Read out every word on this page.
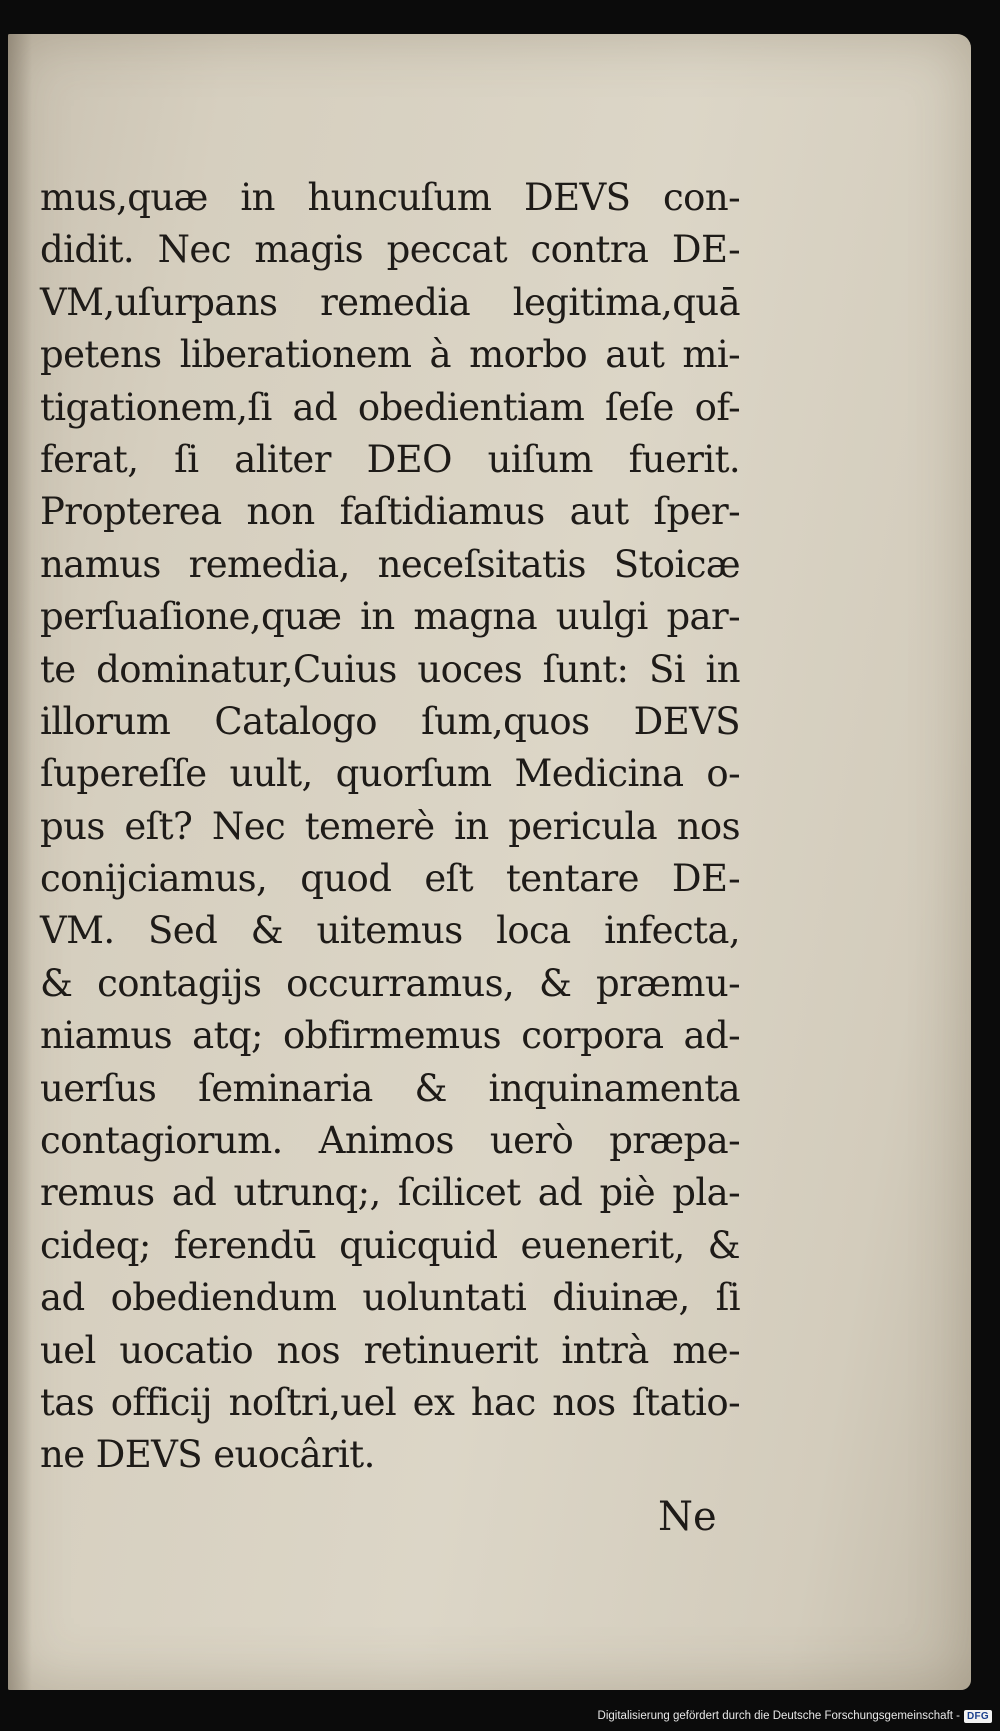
mus,quæ in huncuſum DEVS con-
didit. Nec magis peccat contra DE-
VM,uſurpans remedia legitima,quā
petens liberationem à morbo aut mi-
tigationem,ſi ad obedientiam ſeſe of-
ferat, ſi aliter DEO uiſum fuerit.
Propterea non faſtidiamus aut ſper-
namus remedia, neceſsitatis Stoicæ
perſuaſione,quæ in magna uulgi par-
te dominatur,Cuius uoces ſunt: Si in
illorum Catalogo ſum,quos DEVS
ſupereſſe uult, quorſum Medicina o-
pus eſt? Nec temerè in pericula nos
conijciamus, quod eſt tentare DE-
VM. Sed & uitemus loca infecta,
& contagijs occurramus, & præmu-
niamus atq; obfirmemus corpora ad-
uerſus ſeminaria & inquinamenta
contagiorum. Animos uerò præpa-
remus ad utrunq;, ſcilicet ad piè pla-
cideq; ferendū quicquid euenerit, &
ad obediendum uoluntati diuinæ, ſi
uel uocatio nos retinuerit intrà me-
tas officij noſtri,uel ex hac nos ſtatio-
ne DEVS euocârit.
Ne
Digitalisierung gefördert durch die Deutsche Forschungsgemeinschaft - DFG
